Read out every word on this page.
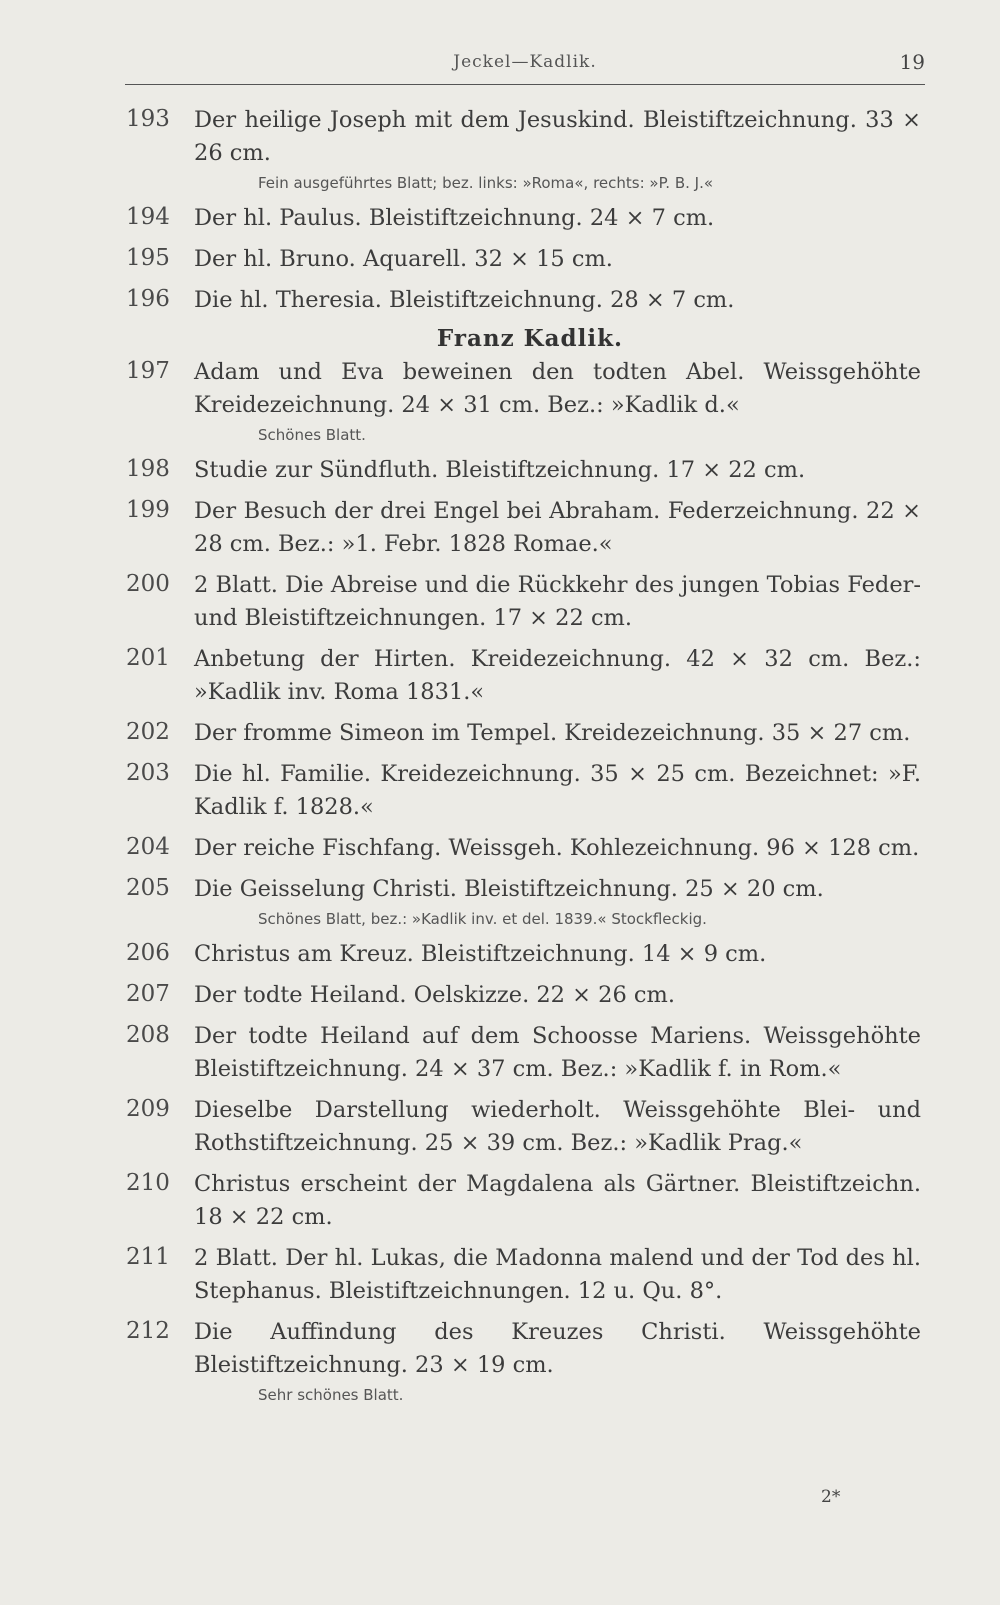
Jeckel—Kadlik.	19
193	Der heilige Joseph mit dem Jesuskind. Bleistiftzeichnung. 33 × 26 cm.
Fein ausgeführtes Blatt; bez. links: »Roma«, rechts: »P. B. J.«
194	Der hl. Paulus. Bleistiftzeichnung. 24 × 7 cm.
195	Der hl. Bruno. Aquarell. 32 × 15 cm.
196	Die hl. Theresia. Bleistiftzeichnung. 28 × 7 cm.
Franz Kadlik.
197	Adam und Eva beweinen den todten Abel. Weissgehöhte Kreidezeichnung. 24 × 31 cm. Bez.: »Kadlik d.«
Schönes Blatt.
198	Studie zur Sündfluth. Bleistiftzeichnung. 17 × 22 cm.
199	Der Besuch der drei Engel bei Abraham. Federzeichnung. 22 × 28 cm. Bez.: »1. Febr. 1828 Romae.«
200	2 Blatt. Die Abreise und die Rückkehr des jungen Tobias Feder- und Bleistiftzeichnungen. 17 × 22 cm.
201	Anbetung der Hirten. Kreidezeichnung. 42 × 32 cm. Bez.: »Kadlik inv. Roma 1831.«
202	Der fromme Simeon im Tempel. Kreidezeichnung. 35 × 27 cm.
203	Die hl. Familie. Kreidezeichnung. 35 × 25 cm. Bezeichnet: »F. Kadlik f. 1828.«
204	Der reiche Fischfang. Weissgeh. Kohlezeichnung. 96 × 128 cm.
205	Die Geisselung Christi. Bleistiftzeichnung. 25 × 20 cm.
Schönes Blatt, bez.: »Kadlik inv. et del. 1839.« Stockfleckig.
206	Christus am Kreuz. Bleistiftzeichnung. 14 × 9 cm.
207	Der todte Heiland. Oelskizze. 22 × 26 cm.
208	Der todte Heiland auf dem Schoosse Mariens. Weissgehöhte Bleistiftzeichnung. 24 × 37 cm. Bez.: »Kadlik f. in Rom.«
209	Dieselbe Darstellung wiederholt. Weissgehöhte Blei- und Rothstiftzeichnung. 25 × 39 cm. Bez.: »Kadlik Prag.«
210	Christus erscheint der Magdalena als Gärtner. Bleistiftzeichn. 18 × 22 cm.
211	2 Blatt. Der hl. Lukas, die Madonna malend und der Tod des hl. Stephanus. Bleistiftzeichnungen. 12 u. Qu. 8°.
212	Die Auffindung des Kreuzes Christi. Weissgehöhte Bleistiftzeichnung. 23 × 19 cm.
Sehr schönes Blatt.
2*
